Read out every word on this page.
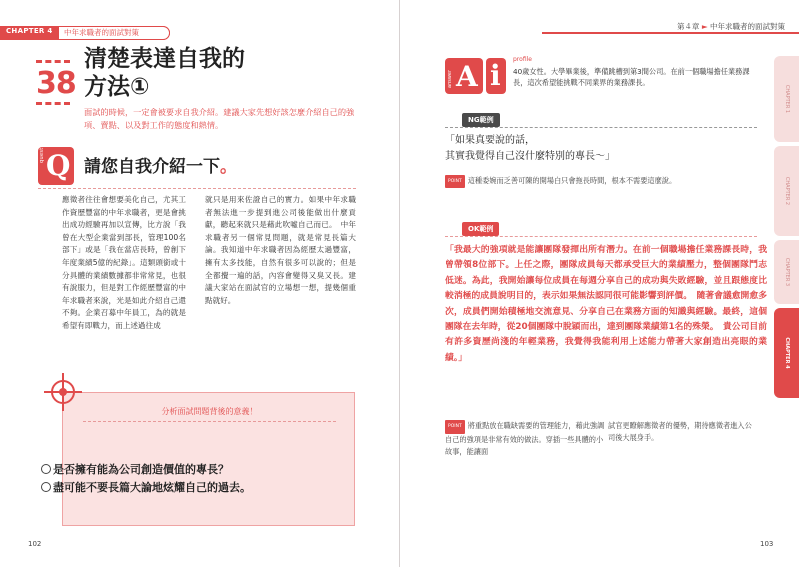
CHAPTER 4	中年求職者的面試對策
38
清楚表達自我的
方法①
面試的時候，一定會被要求自我介紹。建議大家先想好該怎麼介紹自己的強項、賣點、以及對工作的態度和熱情。
question Q 請您自我介紹一下。
應徵者往往會想要美化自己，尤其工作資歷豐富的中年求職者，更是會挑出成功經驗再加以宣傳，比方說「我曾在大型企業當到部長，管理100名部下」或是「我在當店長時，曾創下年度業績5億的紀錄」。這類頭銜或十分具體的業績數據都非常常見，也很有說服力，但是對工作經歷豐富的中年求職者來說，光是如此介紹自己還不夠。企業召募中年員工，為的就是希望有即戰力，而上述過往成
就只是用來佐證自己的實力。如果中年求職者無法進一步提到進公司後能做出什麼貢獻，聽起來就只是藉此吹噓自己而已。　中年求職者另一個常見問題，就是常見長篇大論。我知道中年求職者因為經歷太過豐富，擁有太多技能，自然有很多可以說的；但是全都攪一遍的話，內容會變得又臭又長。建議大家站在面試官的立場想一想，提幾個重點就好。
分析面試問題背後的意義！
是否擁有能為公司創造價值的專長？
盡可能不要長篇大論地炫耀自己的過去。
102
第４章 ► 中年求職者的面試對策
CHAPTER 1
CHAPTER 2
CHAPTER 3
CHAPTER 4
answer A i profile
40歲女性。大學畢業後，準備跳槽到第3間公司。在前一個職場擔任業務課長，這次希望能挑戰不同業界的業務課長。
NG範例
「如果真要說的話，
其實我覺得自己沒什麼特別的專長～」
POINT 這種委婉而乏善可陳的開場白只會拖長時間，根本不需要這麼說。
OK範例
「我最大的強項就是能讓團隊發揮出所有潛力。在前一個職場擔任業務課長時，我曾帶領8位部下。上任之際，團隊成員每天都承受巨大的業績壓力，整個團隊鬥志低迷。為此，我開始讓每位成員在每週分享自己的成功與失敗經驗，並且跟態度比較消極的成員說明目的，表示如果無法認同很可能影響到評價。　隨著會議愈開愈多次，成員們開始積極地交流意見、分享自己在業務方面的知識與經驗。最終，這個團隊在去年時，從20個團隊中脫穎而出，達到團隊業績第1名的殊榮。　貴公司目前有許多資歷尚淺的年輕業務，我覺得我能利用上述能力帶著大家創造出亮眼的業績。」
POINT 將重點放在職缺需要的管理能力，藉此強調自己的強項是非常有效的做法。穿插一些具體的小故事，能讓面
試官更瞭解應徵者的優勢，期待應徵者進入公司後大展身手。
103
